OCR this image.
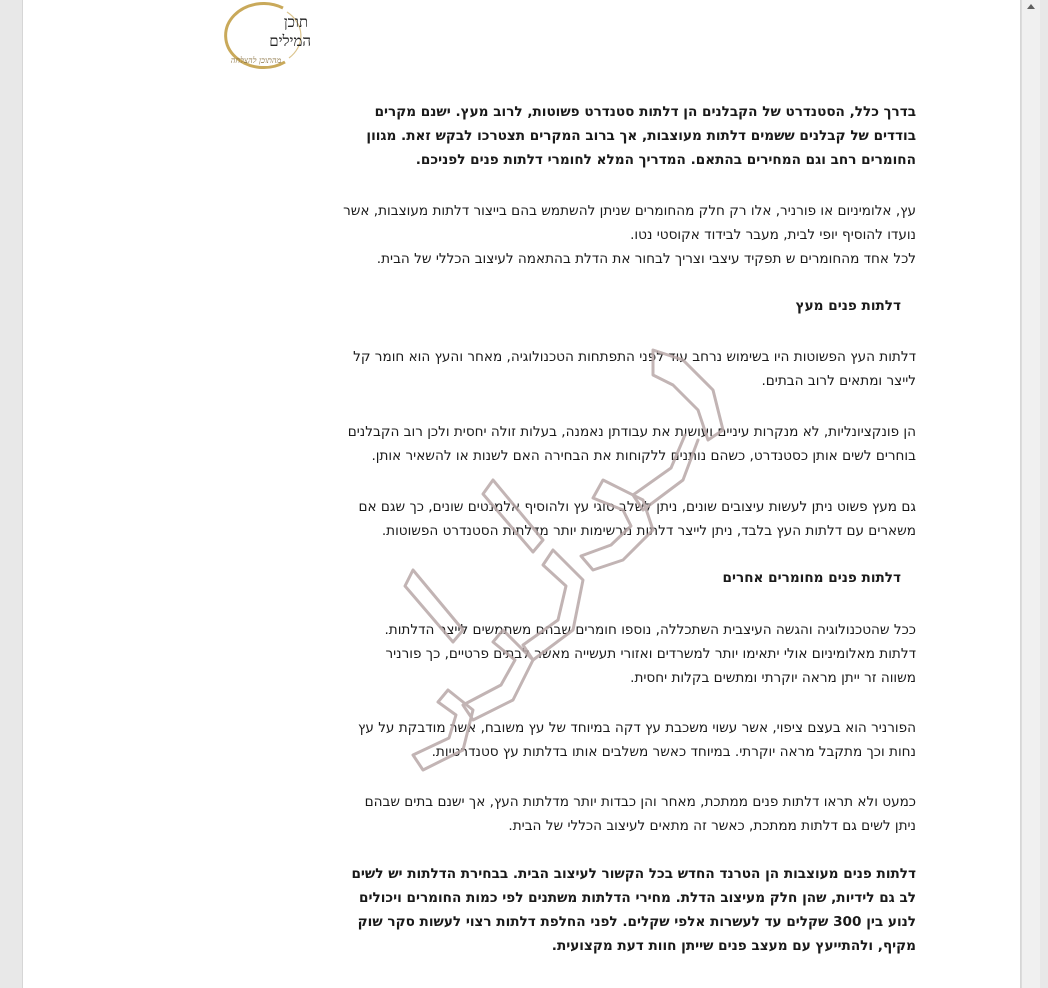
תוכן
המילים
מהתוכן להצלחה
בדרך כלל, הסטנדרט של הקבלנים הן דלתות סטנדרט פשוטות, לרוב מעץ. ישנם מקרים
בודדים של קבלנים ששמים דלתות מעוצבות, אך ברוב המקרים תצטרכו לבקש זאת. מגוון
החומרים רחב וגם המחירים בהתאם. המדריך המלא לחומרי דלתות פנים לפניכם.
עץ, אלומיניום או פורניר, אלו רק חלק מהחומרים שניתן להשתמש בהם בייצור דלתות מעוצבות, אשר
נועדו להוסיף יופי לבית, מעבר לבידוד אקוסטי נטו.
לכל אחד מהחומרים ש תפקיד עיצבי וצריך לבחור את הדלת בהתאמה לעיצוב הכללי של הבית.
דלתות פנים מעץ
דלתות העץ הפשוטות היו בשימוש נרחב עוד לפני התפתחות הטכנולוגיה, מאחר והעץ הוא חומר קל
לייצר ומתאים לרוב הבתים.
הן פונקציונליות, לא מנקרות עיניים ועושות את עבודתן נאמנה, בעלות זולה יחסית ולכן רוב הקבלנים
בוחרים לשים אותן כסטנדרט, כשהם נותנים ללקוחות את הבחירה האם לשנות או להשאיר אותן.
גם מעץ פשוט ניתן לעשות עיצובים שונים, ניתן לשלב סוגי עץ ולהוסיף אלמנטים שונים, כך שגם אם
משארים עם דלתות העץ בלבד, ניתן לייצר דלתות מרשימות יותר מדלתות הסטנדרט הפשוטות.
דלתות פנים מחומרים אחרים
ככל שהטכנולוגיה והגשה העיצבית השתכללה, נוספו חומרים שבהם משתמשים לייצר הדלתות.
דלתות מאלומיניום אולי יתאימו יותר למשרדים ואזורי תעשייה מאשר לבתים פרטיים, כך פורניר
משווה זר ייתן מראה יוקרתי ומתשים בקלות יחסית.
הפורניר הוא בעצם ציפוי, אשר עשוי משכבת עץ דקה במיוחד של עץ משובח, אשר מודבקת על עץ
נחות וכך מתקבל מראה יוקרתי. במיוחד כאשר משלבים אותו בדלתות עץ סטנדרטיות.
כמעט ולא תראו דלתות פנים ממתכת, מאחר והן כבדות יותר מדלתות העץ, אך ישנם בתים שבהם
ניתן לשים גם דלתות ממתכת, כאשר זה מתאים לעיצוב הכללי של הבית.
דלתות פנים מעוצבות הן הטרנד החדש בכל הקשור לעיצוב הבית. בבחירת הדלתות יש לשים
לב גם לידיות, שהן חלק מעיצוב הדלת. מחירי הדלתות משתנים לפי כמות החומרים ויכולים
לנוע בין 300 שקלים עד לעשרות אלפי שקלים. לפני החלפת דלתות רצוי לעשות סקר שוק
מקיף, ולהתייעץ עם מעצב פנים שייתן חוות דעת מקצועית.
